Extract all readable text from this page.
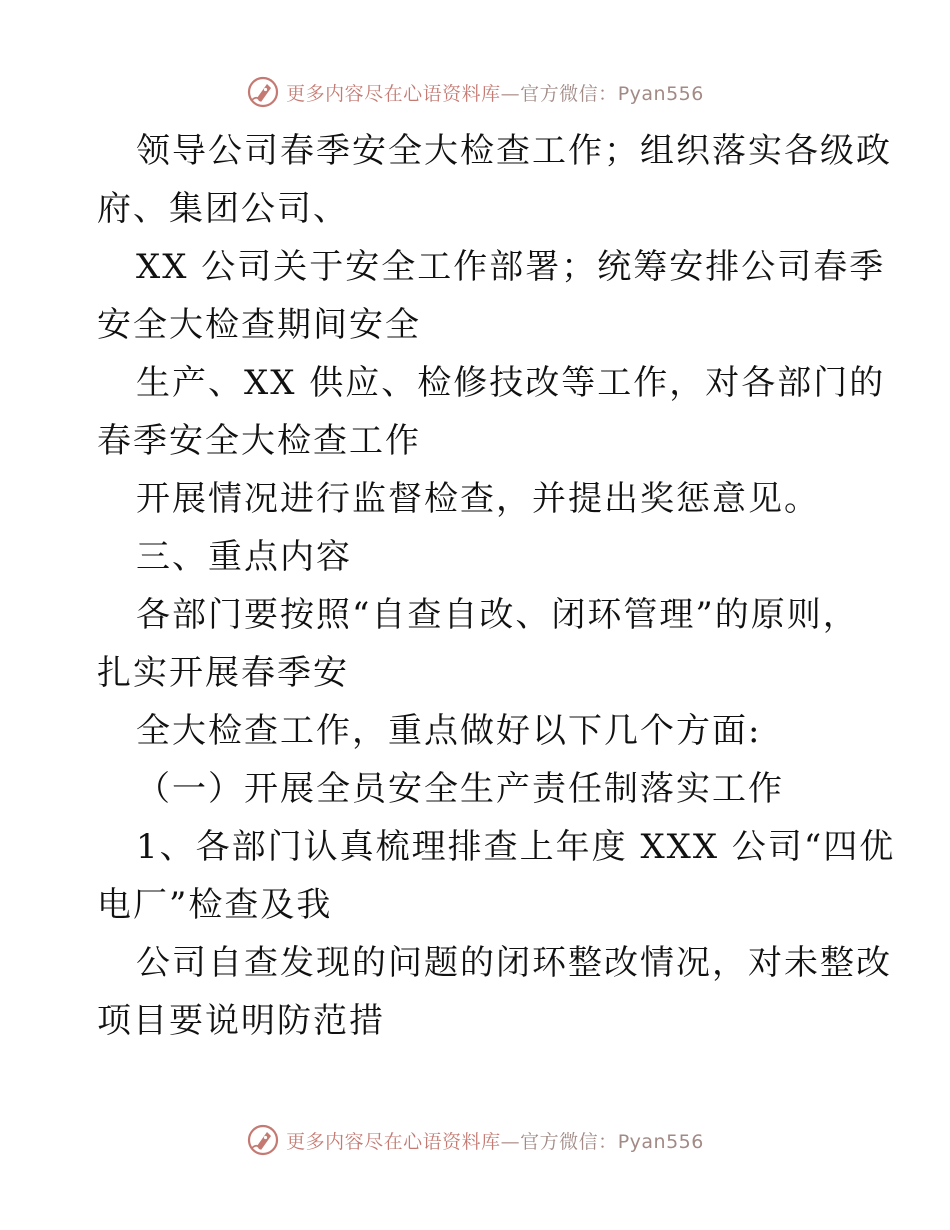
更多内容尽在心语资料库—官方微信：Pyan556
领导公司春季安全大检查工作；组织落实各级政
府、集团公司、
XX 公司关于安全工作部署；统筹安排公司春季
安全大检查期间安全
生产、XX 供应、检修技改等工作，对各部门的
春季安全大检查工作
开展情况进行监督检查，并提出奖惩意见。
三、重点内容
各部门要按照“自查自改、闭环管理”的原则，
扎实开展春季安
全大检查工作，重点做好以下几个方面:
（一）开展全员安全生产责任制落实工作
1、各部门认真梳理排查上年度 XXX 公司“四优
电厂”检查及我
公司自查发现的问题的闭环整改情况，对未整改
项目要说明防范措
更多内容尽在心语资料库—官方微信：Pyan556
